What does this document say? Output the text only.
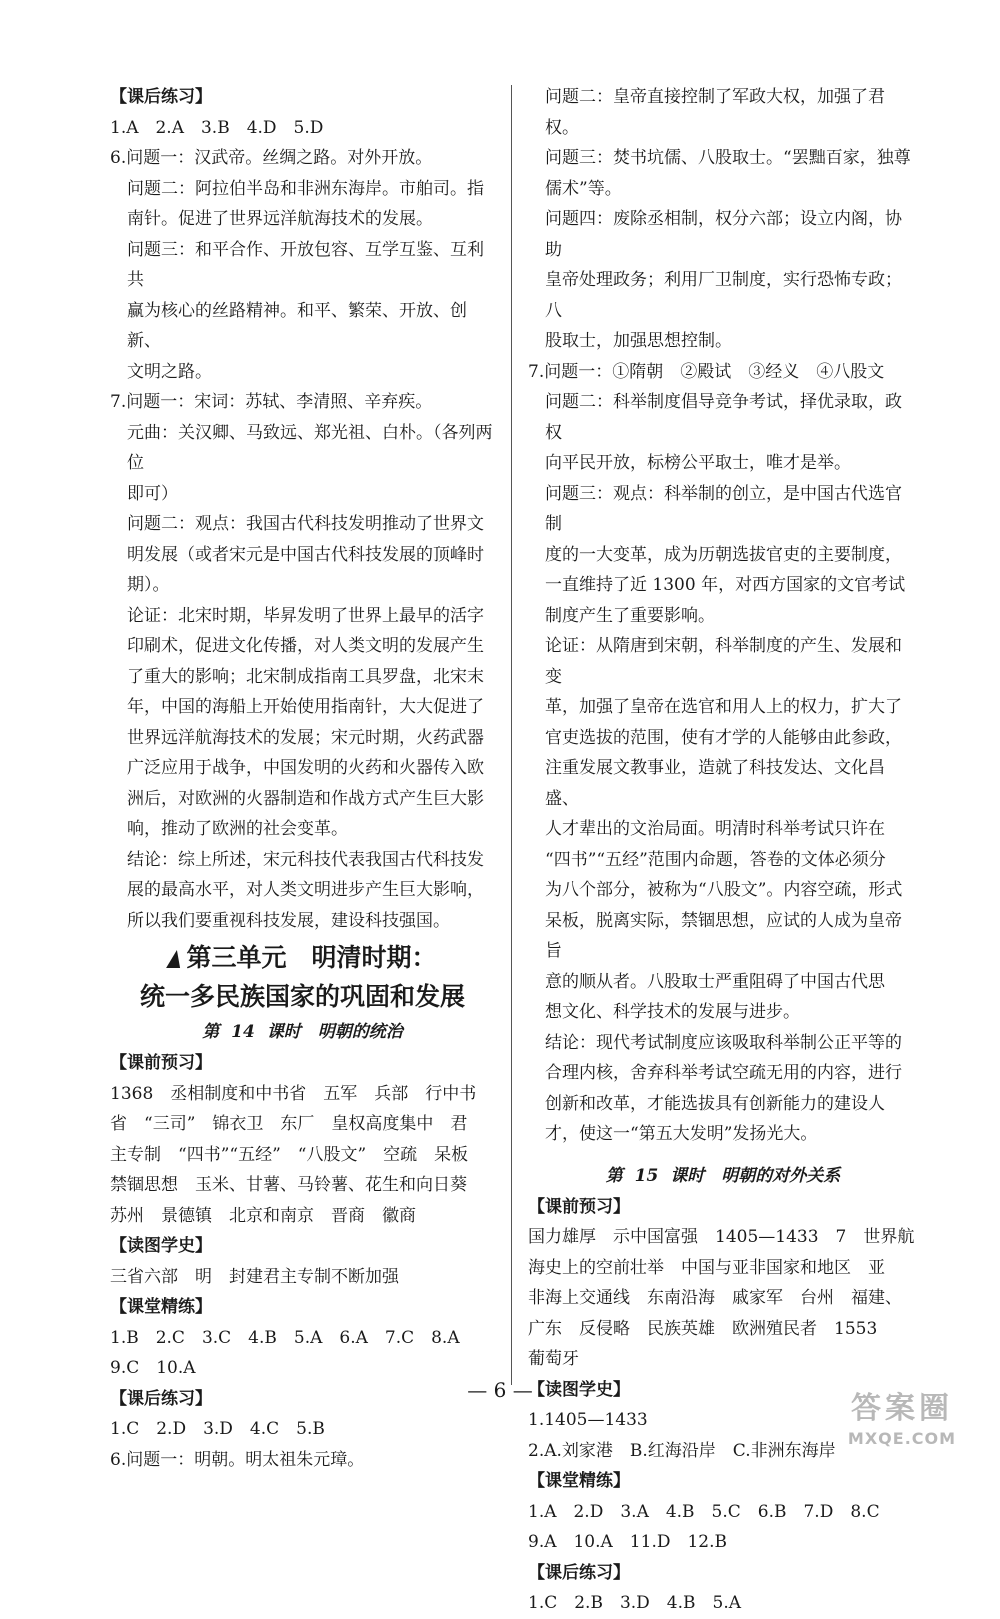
【课后练习】
1.A　2.A　3.B　4.D　5.D
6.问题一：汉武帝。丝绸之路。对外开放。
问题二：阿拉伯半岛和非洲东海岸。市舶司。指
南针。促进了世界远洋航海技术的发展。
问题三：和平合作、开放包容、互学互鉴、互利共
赢为核心的丝路精神。和平、繁荣、开放、创新、
文明之路。
7.问题一：宋词：苏轼、李清照、辛弃疾。
元曲：关汉卿、马致远、郑光祖、白朴。（各列两位
即可）
问题二：观点：我国古代科技发明推动了世界文
明发展（或者宋元是中国古代科技发展的顶峰时
期）。
论证：北宋时期，毕昇发明了世界上最早的活字
印刷术，促进文化传播，对人类文明的发展产生
了重大的影响；北宋制成指南工具罗盘，北宋末
年，中国的海船上开始使用指南针，大大促进了
世界远洋航海技术的发展；宋元时期，火药武器
广泛应用于战争，中国发明的火药和火器传入欧
洲后，对欧洲的火器制造和作战方式产生巨大影
响，推动了欧洲的社会变革。
结论：综上所述，宋元科技代表我国古代科技发
展的最高水平，对人类文明进步产生巨大影响，
所以我们要重视科技发展，建设科技强国。
第三单元　明清时期：
统一多民族国家的巩固和发展
第 14 课时　明朝的统治
【课前预习】
1368　丞相制度和中书省　五军　兵部　行中书
省　“三司”　锦衣卫　东厂　皇权高度集中　君
主专制　“四书”“五经”　“八股文”　空疏　呆板
禁锢思想　玉米、甘薯、马铃薯、花生和向日葵
苏州　景德镇　北京和南京　晋商　徽商
【读图学史】
三省六部　明　封建君主专制不断加强
【课堂精练】
1.B　2.C　3.C　4.B　5.A　6.A　7.C　8.A
9.C　10.A
【课后练习】
1.C　2.D　3.D　4.C　5.B
6.问题一：明朝。明太祖朱元璋。
问题二：皇帝直接控制了军政大权，加强了君权。
问题三：焚书坑儒、八股取士。“罢黜百家，独尊
儒术”等。
问题四：废除丞相制，权分六部；设立内阁，协助
皇帝处理政务；利用厂卫制度，实行恐怖专政；八
股取士，加强思想控制。
7.问题一：①隋朝　②殿试　③经义　④八股文
问题二：科举制度倡导竞争考试，择优录取，政权
向平民开放，标榜公平取士，唯才是举。
问题三：观点：科举制的创立，是中国古代选官制
度的一大变革，成为历朝选拔官吏的主要制度，
一直维持了近 1300 年，对西方国家的文官考试
制度产生了重要影响。
论证：从隋唐到宋朝，科举制度的产生、发展和变
革，加强了皇帝在选官和用人上的权力，扩大了
官吏选拔的范围，使有才学的人能够由此参政，
注重发展文教事业，造就了科技发达、文化昌盛、
人才辈出的文治局面。明清时科举考试只许在
“四书”“五经”范围内命题，答卷的文体必须分
为八个部分，被称为“八股文”。内容空疏，形式
呆板，脱离实际，禁锢思想，应试的人成为皇帝旨
意的顺从者。八股取士严重阻碍了中国古代思
想文化、科学技术的发展与进步。
结论：现代考试制度应该吸取科举制公正平等的
合理内核，舍弃科举考试空疏无用的内容，进行
创新和改革，才能选拔具有创新能力的建设人
才，使这一“第五大发明”发扬光大。
第 15 课时　明朝的对外关系
【课前预习】
国力雄厚　示中国富强　1405—1433　7　世界航
海史上的空前壮举　中国与亚非国家和地区　亚
非海上交通线　东南沿海　戚家军　台州　福建、
广东　反侵略　民族英雄　欧洲殖民者　1553
葡萄牙
【读图学史】
1.1405—1433
2.A.刘家港　B.红海沿岸　C.非洲东海岸
【课堂精练】
1.A　2.D　3.A　4.B　5.C　6.B　7.D　8.C
9.A　10.A　11.D　12.B
【课后练习】
1.C　2.B　3.D　4.B　5.A
— 6 —
答案圈
MXQE.COM
